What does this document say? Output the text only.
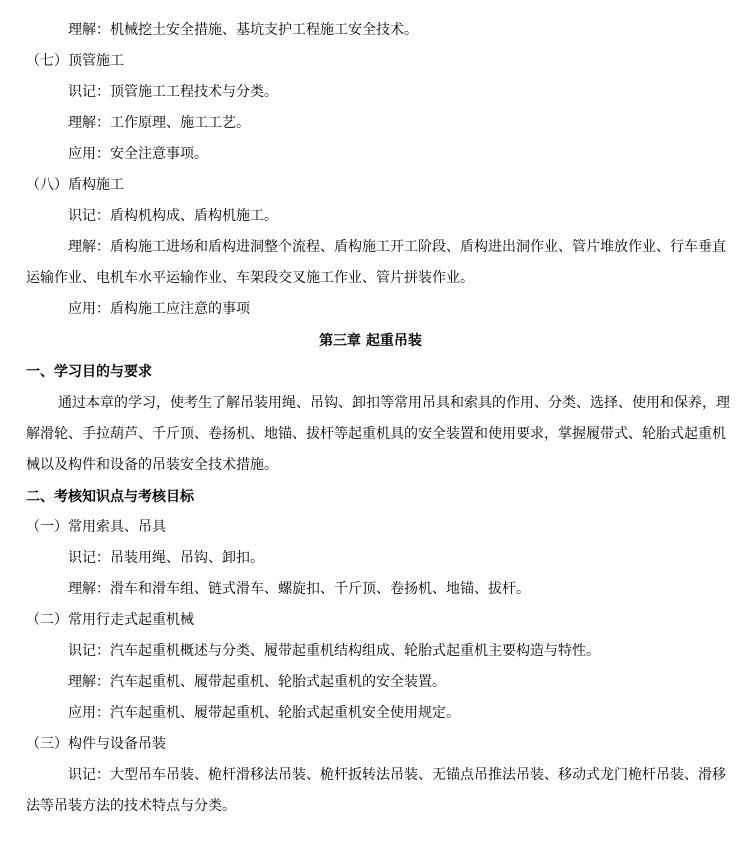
理解：机械挖土安全措施、基坑支护工程施工安全技术。
（七）顶管施工
识记：顶管施工工程技术与分类。
理解：工作原理、施工工艺。
应用：安全注意事项。
（八）盾构施工
识记：盾构机构成、盾构机施工。
理解：盾构施工进场和盾构进洞整个流程、盾构施工开工阶段、盾构进出洞作业、管片堆放作业、行车垂直
运输作业、电机车水平运输作业、车架段交叉施工作业、管片拼装作业。
应用：盾构施工应注意的事项
第三章 起重吊装
一、学习目的与要求
通过本章的学习，使考生了解吊装用绳、吊钩、卸扣等常用吊具和索具的作用、分类、选择、使用和保养，理
解滑轮、手拉葫芦、千斤顶、卷扬机、地锚、拔杆等起重机具的安全装置和使用要求，掌握履带式、轮胎式起重机
械以及构件和设备的吊装安全技术措施。
二、考核知识点与考核目标
（一）常用索具、吊具
识记：吊装用绳、吊钩、卸扣。
理解：滑车和滑车组、链式滑车、螺旋扣、千斤顶、卷扬机、地锚、拔杆。
（二）常用行走式起重机械
识记：汽车起重机概述与分类、履带起重机结构组成、轮胎式起重机主要构造与特性。
理解：汽车起重机、履带起重机、轮胎式起重机的安全装置。
应用：汽车起重机、履带起重机、轮胎式起重机安全使用规定。
（三）构件与设备吊装
识记：大型吊车吊装、桅杆滑移法吊装、桅杆扳转法吊装、无锚点吊推法吊装、移动式龙门桅杆吊装、滑移
法等吊装方法的技术特点与分类。
